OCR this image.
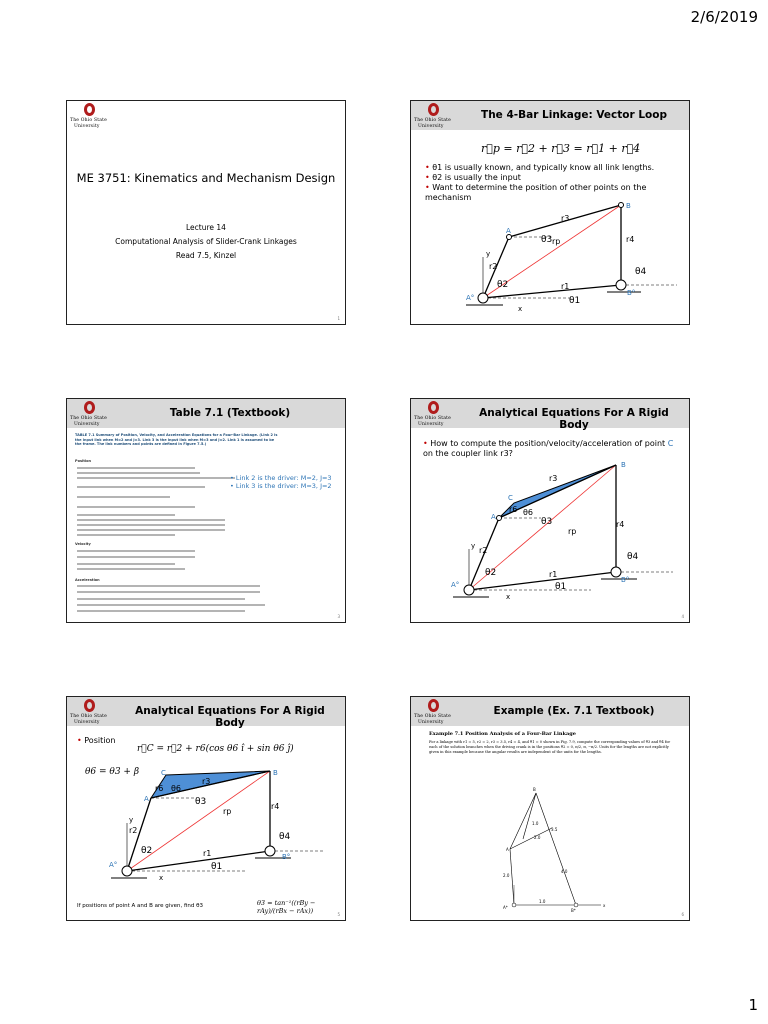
2/6/2019
The Ohio State
University
ME 3751: Kinematics and Mechanism Design
Lecture 14
Computational Analysis of Slider-Crank Linkages
Read 7.5, Kinzel
1
The Ohio State
University
The 4-Bar Linkage: Vector Loop
r⃗p = r⃗2 + r⃗3 = r⃗1 + r⃗4
• θ1 is usually known, and typically know all link lengths.
• θ2 is usually the input
• Want to determine the position of other points on the mechanism
A
B
A°
B°
y
x
r2
r3
r4
r1
rp
θ2
θ3
θ4
θ1
The Ohio State
University
Table 7.1 (Textbook)
TABLE 7.1 Summary of Position, Velocity, and Acceleration Equations for a Four-Bar Linkage. (Link 2 is the input link when M=2 and J=3. Link 3 is the input link when M=3 and J=2. Link 1 is assumed to be the frame. The link numbers and points are defined in Figure 7.5.)
Position
Velocity
Acceleration
• Link 2 is the driver: M=2, J=3
• Link 3 is the driver: M=3, J=2
3
The Ohio State
University
Analytical Equations For A Rigid Body
• How to compute the position/velocity/acceleration of point C on the coupler link r3?
C
A
B
A°
B°
y
x
r2
r3
r4
r1
rp
r6 θ6
θ3
θ2
θ4
θ1
4
The Ohio State
University
Analytical Equations For A Rigid Body
• Position
r⃗C = r⃗2 + r6(cos θ6 î + sin θ6 ĵ)
θ6 = θ3 + β	C
A
B
A°
B°
y
x
r2
r3
r4
r1
rp
r6 θ6
θ3
θ2
θ4
θ1
If positions of point A and B are given, find θ3	θ3 = tan⁻¹((rBy − rAy)/(rBx − rAx))	5
The Ohio State
University
Example (Ex. 7.1 Textbook)
Example 7.1 Position Analysis of a Four-Bar Linkage
For a linkage with r1 = 5, r2 = 2, r3 = 3.5, r4 = 4, and θ1 = 0 shown in Fig. 7.9, compute the corresponding values of θ3 and θ4 for each of the solution branches when the driving crank is in the positions θ2 = 0, π/2, π, −π/2. Units for the lengths are not explicitly given in this example because the angular results are independent of the units for the lengths.
A
B
A*
B*
x
1.0
2.0
3.5
4.0
2.0
1.0
6
1
